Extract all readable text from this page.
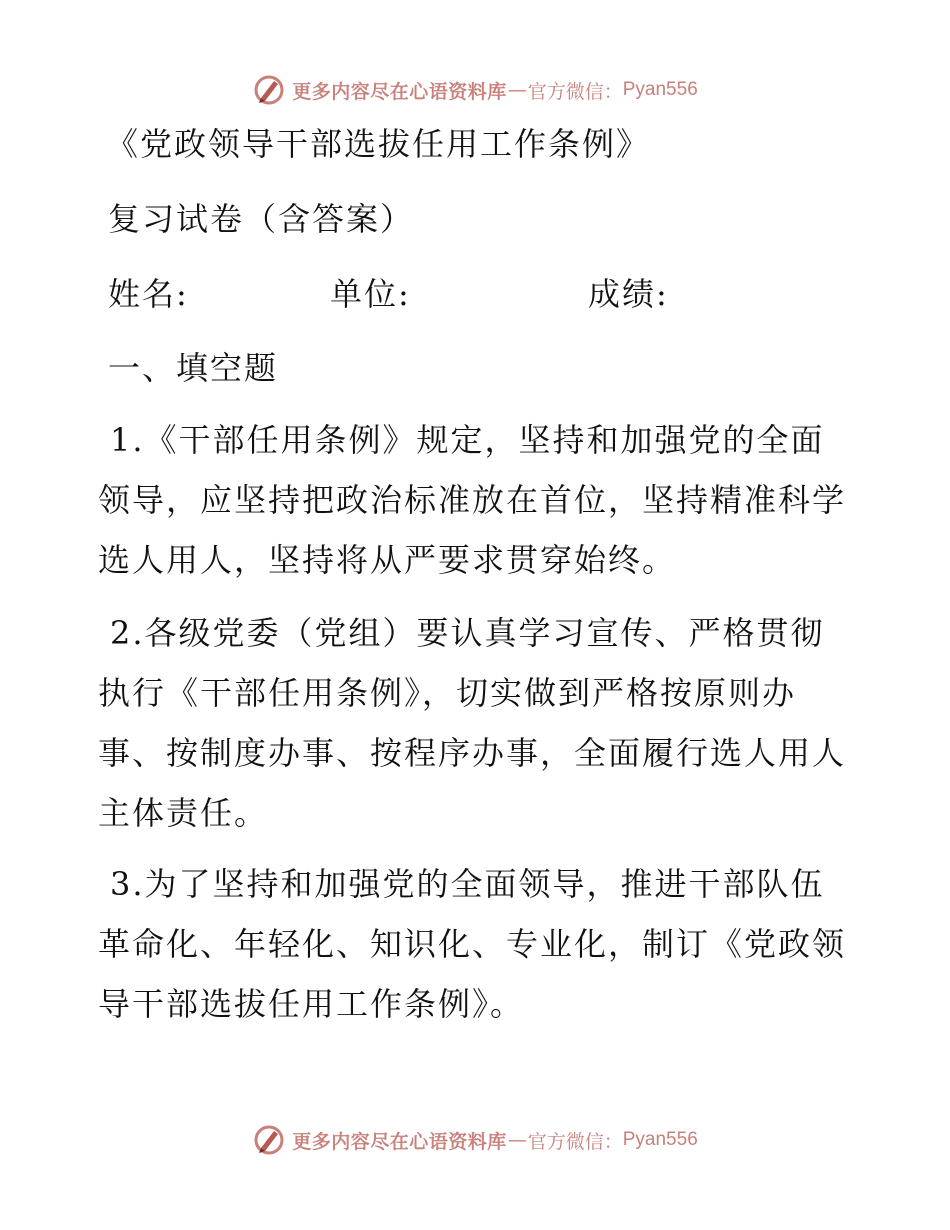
更多内容尽在心语资料库 — 官方微信： Pyan556
《党政领导干部选拔任用工作条例》
复习试卷（含答案）
姓名:	单位:	成绩:
一、填空题
1.《干部任用条例》规定，坚持和加强党的全面领导，应坚持把政治标准放在首位，坚持精准科学选人用人，坚持将从严要求贯穿始终。
2.各级党委（党组）要认真学习宣传、严格贯彻执行《干部任用条例》，切实做到严格按原则办事、按制度办事、按程序办事，全面履行选人用人主体责任。
3.为了坚持和加强党的全面领导，推进干部队伍革命化、年轻化、知识化、专业化，制订《党政领导干部选拔任用工作条例》。
更多内容尽在心语资料库 — 官方微信： Pyan556
